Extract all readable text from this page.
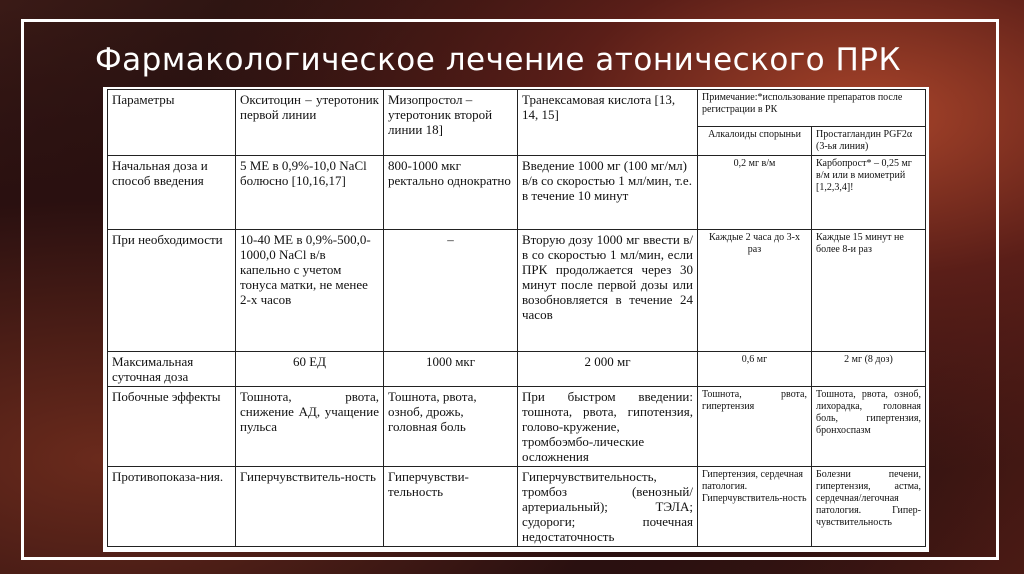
Фармакологическое лечение атонического ПРК
Параметры	Окситоцин – утеротоник первой линии	Мизопростол – утеротоник второй линии 18]	Транексамовая кислота [13, 14, 15]	Примечание:*использование препаратов после регистрации в РК	
				Алкалоиды спорыньи	Простагландин PGF2α (3-ья линия)
Начальная доза и способ введения	5 МЕ в 0,9%-10,0 NaCl болюсно [10,16,17]	800-1000 мкг ректально однократно	Введение 1000 мг (100 мг/мл) в/в со скоростью 1 мл/мин, т.е. в течение 10 минут	0,2 мг в/м	Карбопрост* – 0,25 мг в/м или в миометрий [1,2,3,4]!
При необходимости	10-40 МЕ в 0,9%-500,0-1000,0 NaCl в/в капельно с учетом тонуса матки, не менее 2-х часов	–	Вторую дозу 1000 мг ввести в/в со скоростью 1 мл/мин, если ПРК продолжается через 30 минут после первой дозы или возобновляется в течение 24 часов	Каждые 2 часа до 3-х раз	Каждые 15 минут не более 8-и раз
Максимальная суточная доза	60 ЕД	1000 мкг	2 000 мг	0,6 мг	2 мг (8 доз)
Побочные эффекты	Тошнота, рвота, снижение АД, учащение пульса	Тошнота, рвота, озноб, дрожь, головная боль	При быстром введении: тошнота, рвота, гипотензия, голово-кружение, тромбоэмбо-лические осложнения	Тошнота, рвота, гипертензия	Тошнота, рвота, озноб, лихорадка, головная боль, гипертензия, бронхоспазм
Противопоказа-ния.	Гиперчувствитель-ность	Гиперчувстви-тельность	Гиперчувствительность, тромбоз (венозный/артериальный); ТЭЛА; судороги; почечная недостаточность	Гипертензия, сердечная патология. Гиперчувствитель-ность	Болезни печени, гипертензия, астма, сердечная/легочная патология. Гипер-чувствительность
